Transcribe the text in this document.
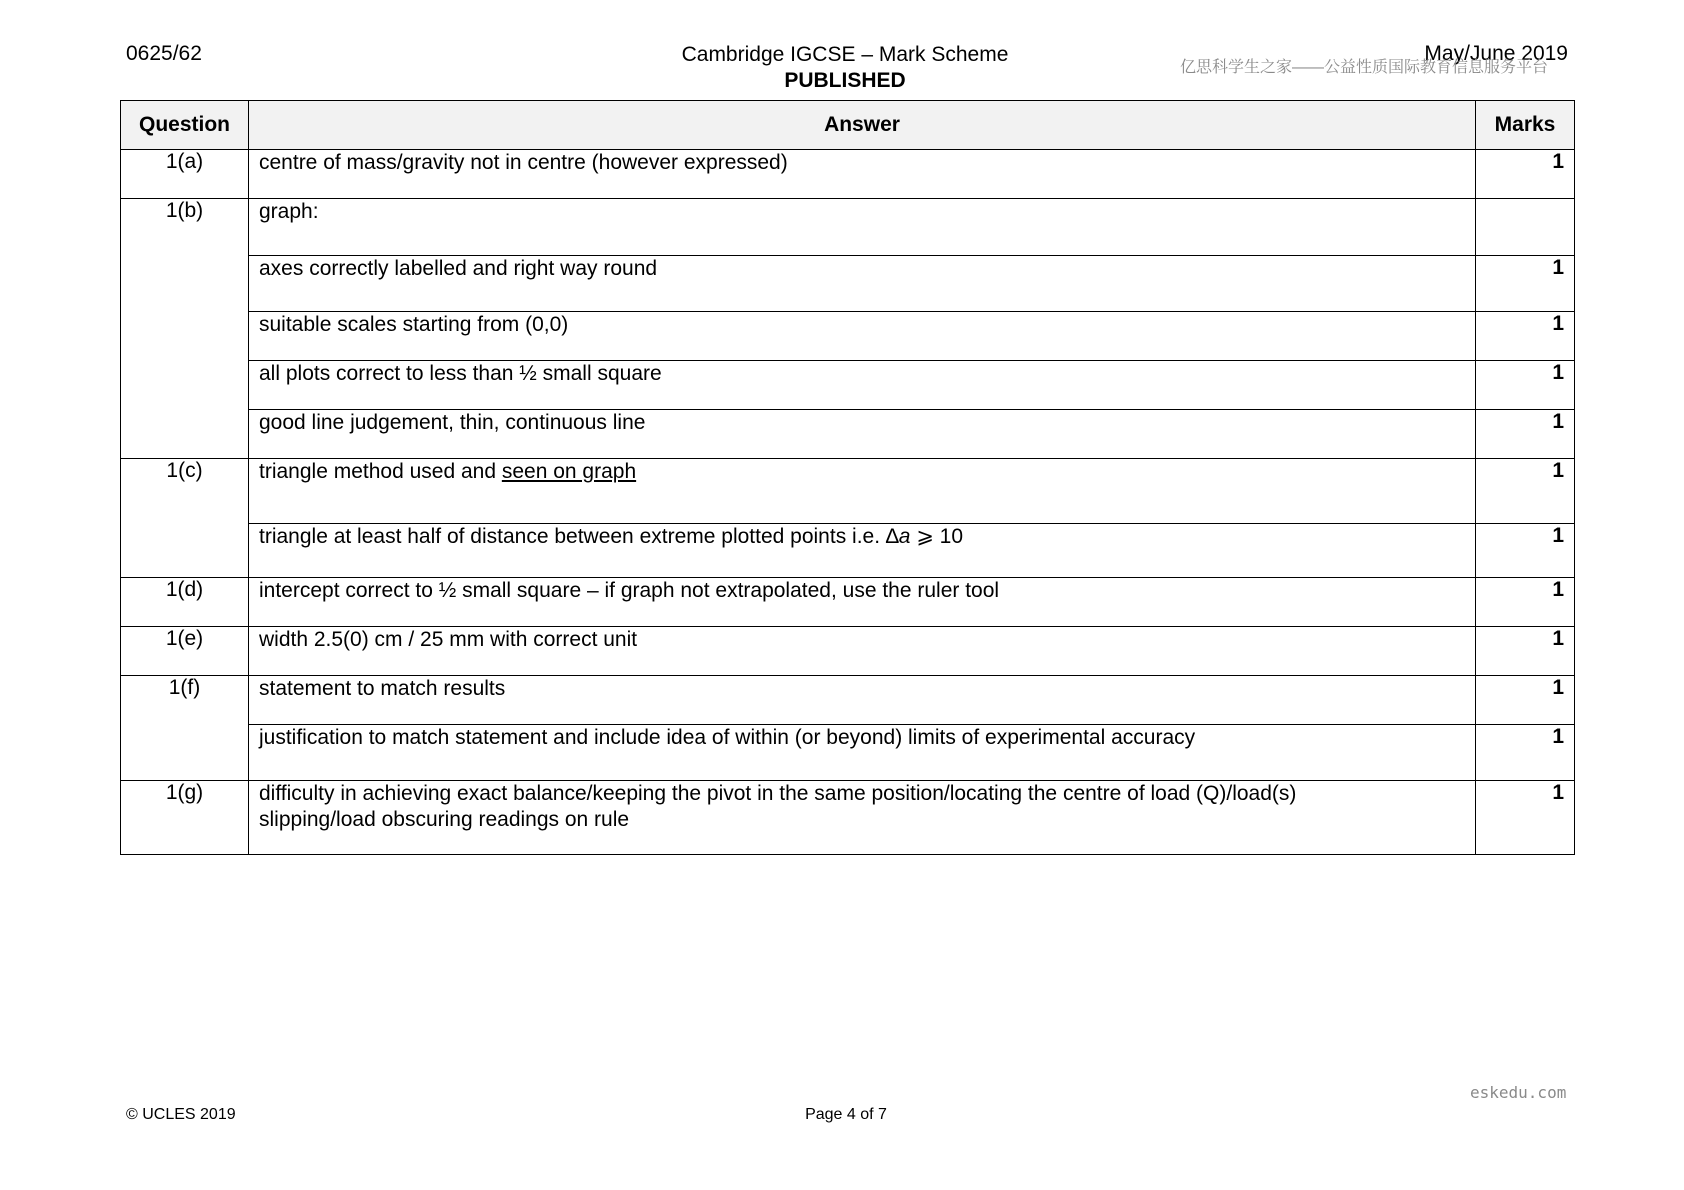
0625/62	Cambridge IGCSE – Mark Scheme
PUBLISHED
May/June 2019
亿思科学生之家——公益性质国际教育信息服务平台
Question	Answer	Marks
1(a)	centre of mass/gravity not in centre (however expressed)	1
1(b)	graph:	
	axes correctly labelled and right way round	1
	suitable scales starting from (0,0)	1
	all plots correct to less than ½ small square	1
	good line judgement, thin, continuous line	1
1(c)	triangle method used and seen on graph	1
	triangle at least half of distance between extreme plotted points i.e. ∆a ⩾ 10	1
1(d)	intercept correct to ½ small square – if graph not extrapolated, use the ruler tool	1
1(e)	width 2.5(0) cm / 25 mm with correct unit	1
1(f)	statement to match results	1
	justification to match statement and include idea of within (or beyond) limits of experimental accuracy	1
1(g)	difficulty in achieving exact balance/keeping the pivot in the same position/locating the centre of load (Q)/load(s)
slipping/load obscuring readings on rule	1
eskedu.com
© UCLES 2019	Page 4 of 7
